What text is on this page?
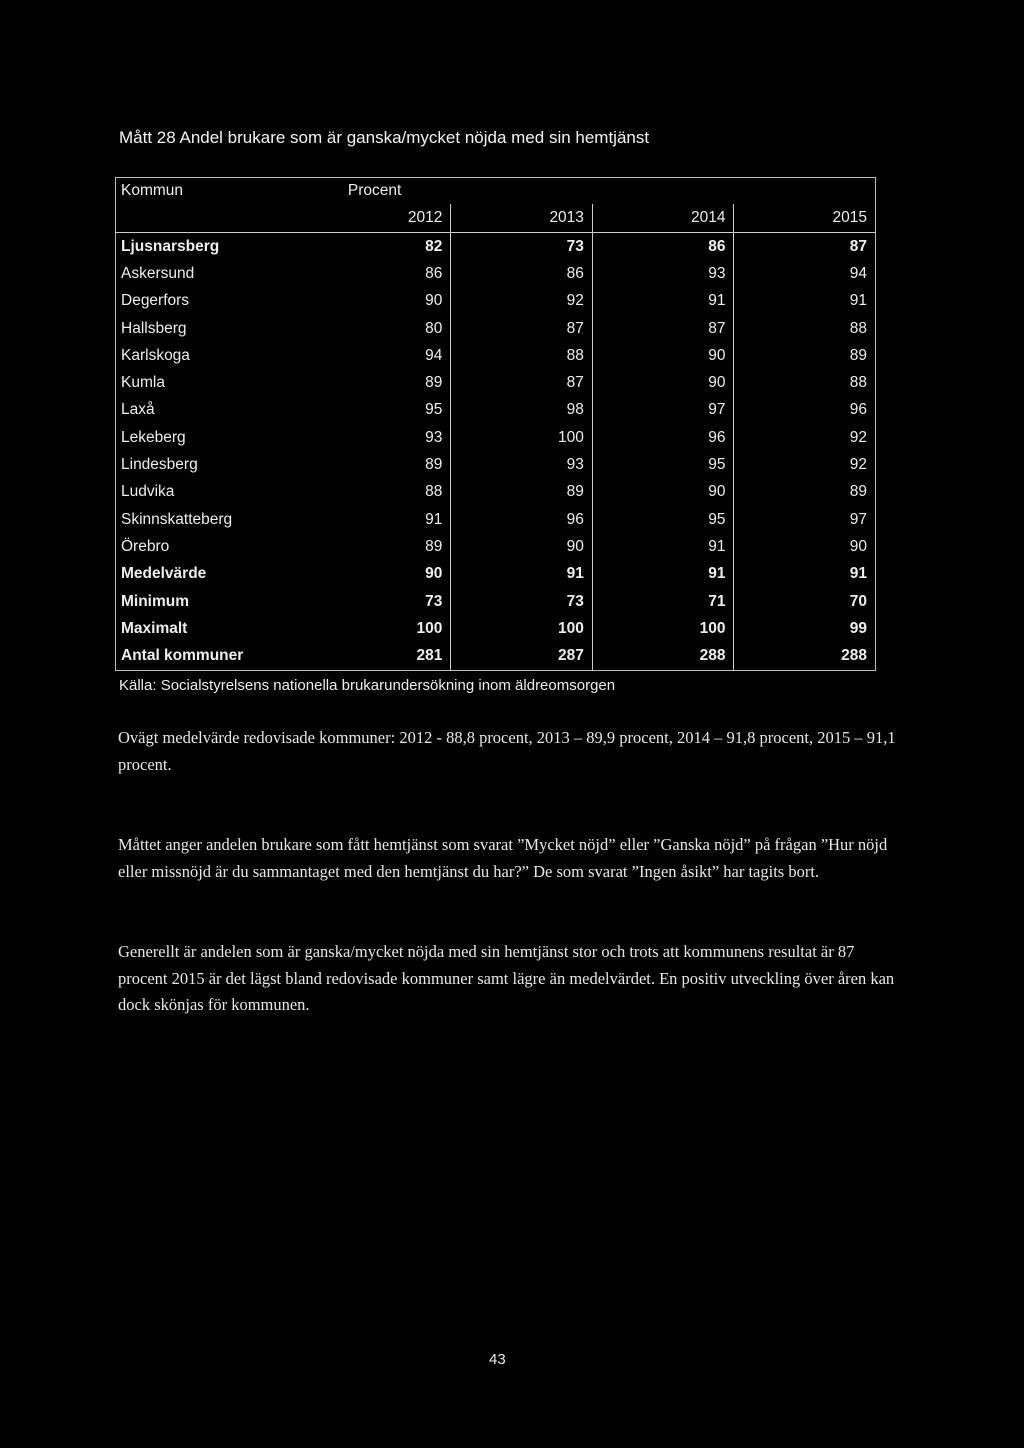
Mått 28 Andel brukare som är ganska/mycket nöjda med sin hemtjänst
Kommun	Procent			
	2012	2013	2014	2015
Ljusnarsberg	82	73	86	87
Askersund	86	86	93	94
Degerfors	90	92	91	91
Hallsberg	80	87	87	88
Karlskoga	94	88	90	89
Kumla	89	87	90	88
Laxå	95	98	97	96
Lekeberg	93	100	96	92
Lindesberg	89	93	95	92
Ludvika	88	89	90	89
Skinnskatteberg	91	96	95	97
Örebro	89	90	91	90
Medelvärde	90	91	91	91
Minimum	73	73	71	70
Maximalt	100	100	100	99
Antal kommuner	281	287	288	288
Källa: Socialstyrelsens nationella brukarundersökning inom äldreomsorgen
Ovägt medelvärde redovisade kommuner: 2012 - 88,8 procent, 2013 – 89,9 procent, 2014 – 91,8 procent, 2015 – 91,1 procent.
Måttet anger andelen brukare som fått hemtjänst som svarat ”Mycket nöjd” eller ”Ganska nöjd” på frågan ”Hur nöjd eller missnöjd är du sammantaget med den hemtjänst du har?” De som svarat ”Ingen åsikt” har tagits bort.
Generellt är andelen som är ganska/mycket nöjda med sin hemtjänst stor och trots att kommunens resultat är 87 procent 2015 är det lägst bland redovisade kommuner samt lägre än medelvärdet. En positiv utveckling över åren kan dock skönjas för kommunen.
43
